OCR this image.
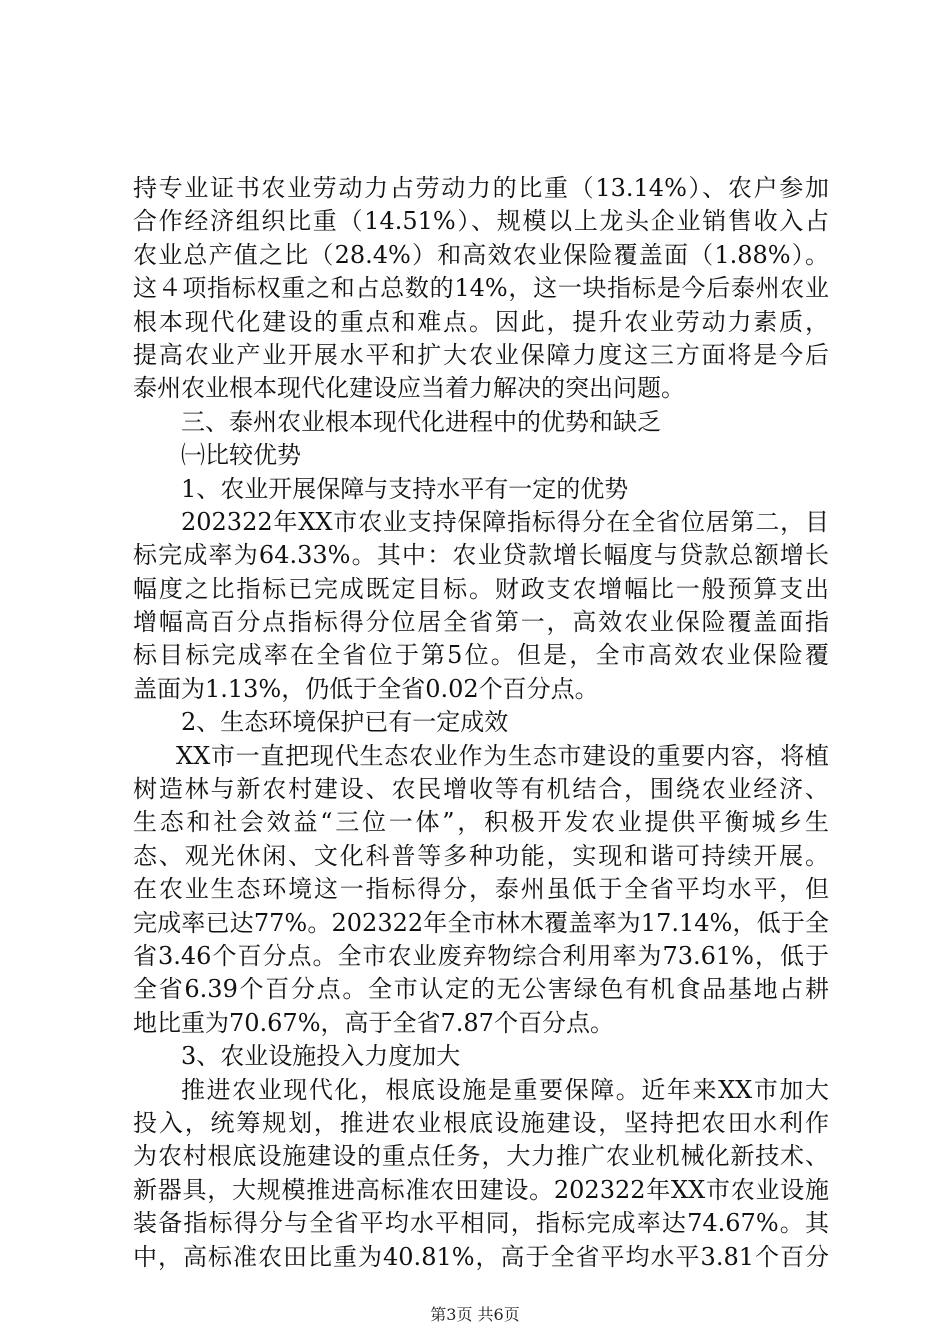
持专业证书农业劳动力占劳动力的比重（13.14%）、农户参加
合作经济组织比重（14.51%）、规模以上龙头企业销售收入占
农业总产值之比（28.4%）和高效农业保险覆盖面（1.88%）。
这４项指标权重之和占总数的14%，这一块指标是今后泰州农业
根本现代化建设的重点和难点。因此，提升农业劳动力素质，
提高农业产业开展水平和扩大农业保障力度这三方面将是今后
泰州农业根本现代化建设应当着力解决的突出问题。
三、泰州农业根本现代化进程中的优势和缺乏
㈠比较优势
1、农业开展保障与支持水平有一定的优势
202322年XX市农业支持保障指标得分在全省位居第二，目
标完成率为64.33%。其中：农业贷款增长幅度与贷款总额增长
幅度之比指标已完成既定目标。财政支农增幅比一般预算支出
增幅高百分点指标得分位居全省第一，高效农业保险覆盖面指
标目标完成率在全省位于第5位。但是，全市高效农业保险覆
盖面为1.13%，仍低于全省0.02个百分点。
2、生态环境保护已有一定成效
XX市一直把现代生态农业作为生态市建设的重要内容，将植
树造林与新农村建设、农民增收等有机结合，围绕农业经济、
生态和社会效益“三位一体”，积极开发农业提供平衡城乡生
态、观光休闲、文化科普等多种功能，实现和谐可持续开展。
在农业生态环境这一指标得分，泰州虽低于全省平均水平，但
完成率已达77%。202322年全市林木覆盖率为17.14%，低于全
省3.46个百分点。全市农业废弃物综合利用率为73.61%，低于
全省6.39个百分点。全市认定的无公害绿色有机食品基地占耕
地比重为70.67%，高于全省7.87个百分点。
3、农业设施投入力度加大
推进农业现代化，根底设施是重要保障。近年来XX市加大
投入，统筹规划，推进农业根底设施建设，坚持把农田水利作
为农村根底设施建设的重点任务，大力推广农业机械化新技术、
新器具，大规模推进高标准农田建设。202322年XX市农业设施
装备指标得分与全省平均水平相同，指标完成率达74.67%。其
中，高标准农田比重为40.81%，高于全省平均水平3.81个百分
第3页 共6页
